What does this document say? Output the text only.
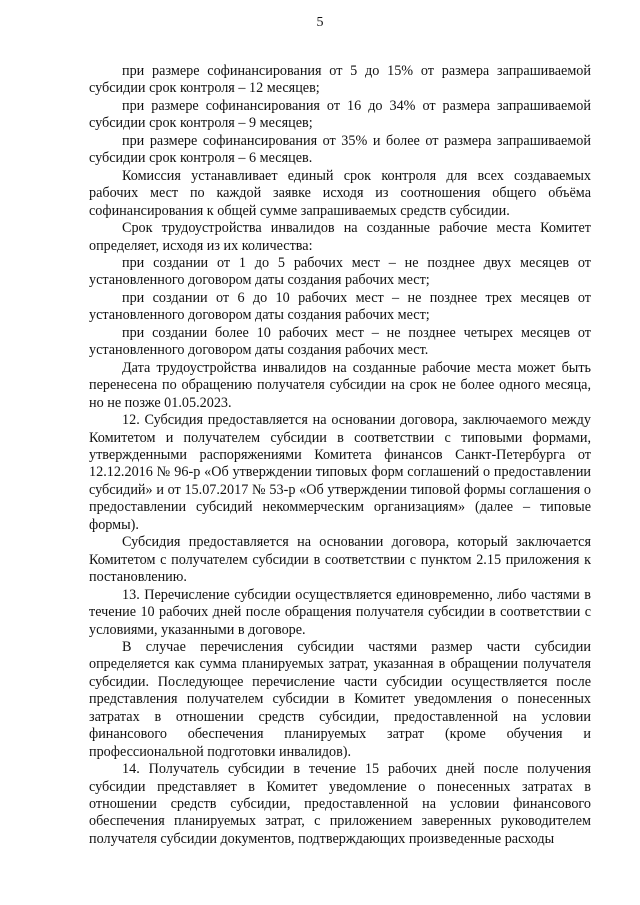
5

при размере софинансирования от 5 до 15% от размера запрашиваемой субсидии срок контроля – 12 месяцев;

при размере софинансирования от 16 до 34% от размера запрашиваемой субсидии срок контроля – 9 месяцев;

при размере софинансирования от 35% и более от размера запрашиваемой субсидии срок контроля – 6 месяцев.

Комиссия устанавливает единый срок контроля для всех создаваемых рабочих мест по каждой заявке исходя из соотношения общего объёма софинансирования к общей сумме запрашиваемых средств субсидии.

Срок трудоустройства инвалидов на созданные рабочие места Комитет определяет, исходя из их количества:

при создании от 1 до 5 рабочих мест – не позднее двух месяцев от установленного договором даты создания рабочих мест;

при создании от 6 до 10 рабочих мест – не позднее трех месяцев от установленного договором даты создания рабочих мест;

при создании более 10 рабочих мест – не позднее четырех месяцев от установленного договором даты создания рабочих мест.

Дата трудоустройства инвалидов на созданные рабочие места может быть перенесена по обращению получателя субсидии на срок не более одного месяца, но не позже 01.05.2023.

12. Субсидия предоставляется на основании договора, заключаемого между Комитетом и получателем субсидии в соответствии с типовыми формами, утвержденными распоряжениями Комитета финансов Санкт-Петербурга от 12.12.2016 № 96-р «Об утверждении типовых форм соглашений о предоставлении субсидий» и от 15.07.2017 № 53-р «Об утверждении типовой формы соглашения о предоставлении субсидий некоммерческим организациям» (далее – типовые формы).

Субсидия предоставляется на основании договора, который заключается Комитетом с получателем субсидии в соответствии с пунктом 2.15 приложения к постановлению.

13. Перечисление субсидии осуществляется единовременно, либо частями в течение 10 рабочих дней после обращения получателя субсидии в соответствии с условиями, указанными в договоре.

В случае перечисления субсидии частями размер части субсидии определяется как сумма планируемых затрат, указанная в обращении получателя субсидии. Последующее перечисление части субсидии осуществляется после представления получателем субсидии в Комитет уведомления о понесенных затратах в отношении средств субсидии, предоставленной на условии финансового обеспечения планируемых затрат (кроме обучения и профессиональной подготовки инвалидов).

14. Получатель субсидии в течение 15 рабочих дней после получения субсидии представляет в Комитет уведомление о понесенных затратах в отношении средств субсидии, предоставленной на условии финансового обеспечения планируемых затрат, с приложением заверенных руководителем получателя субсидии документов, подтверждающих произведенные расходы
